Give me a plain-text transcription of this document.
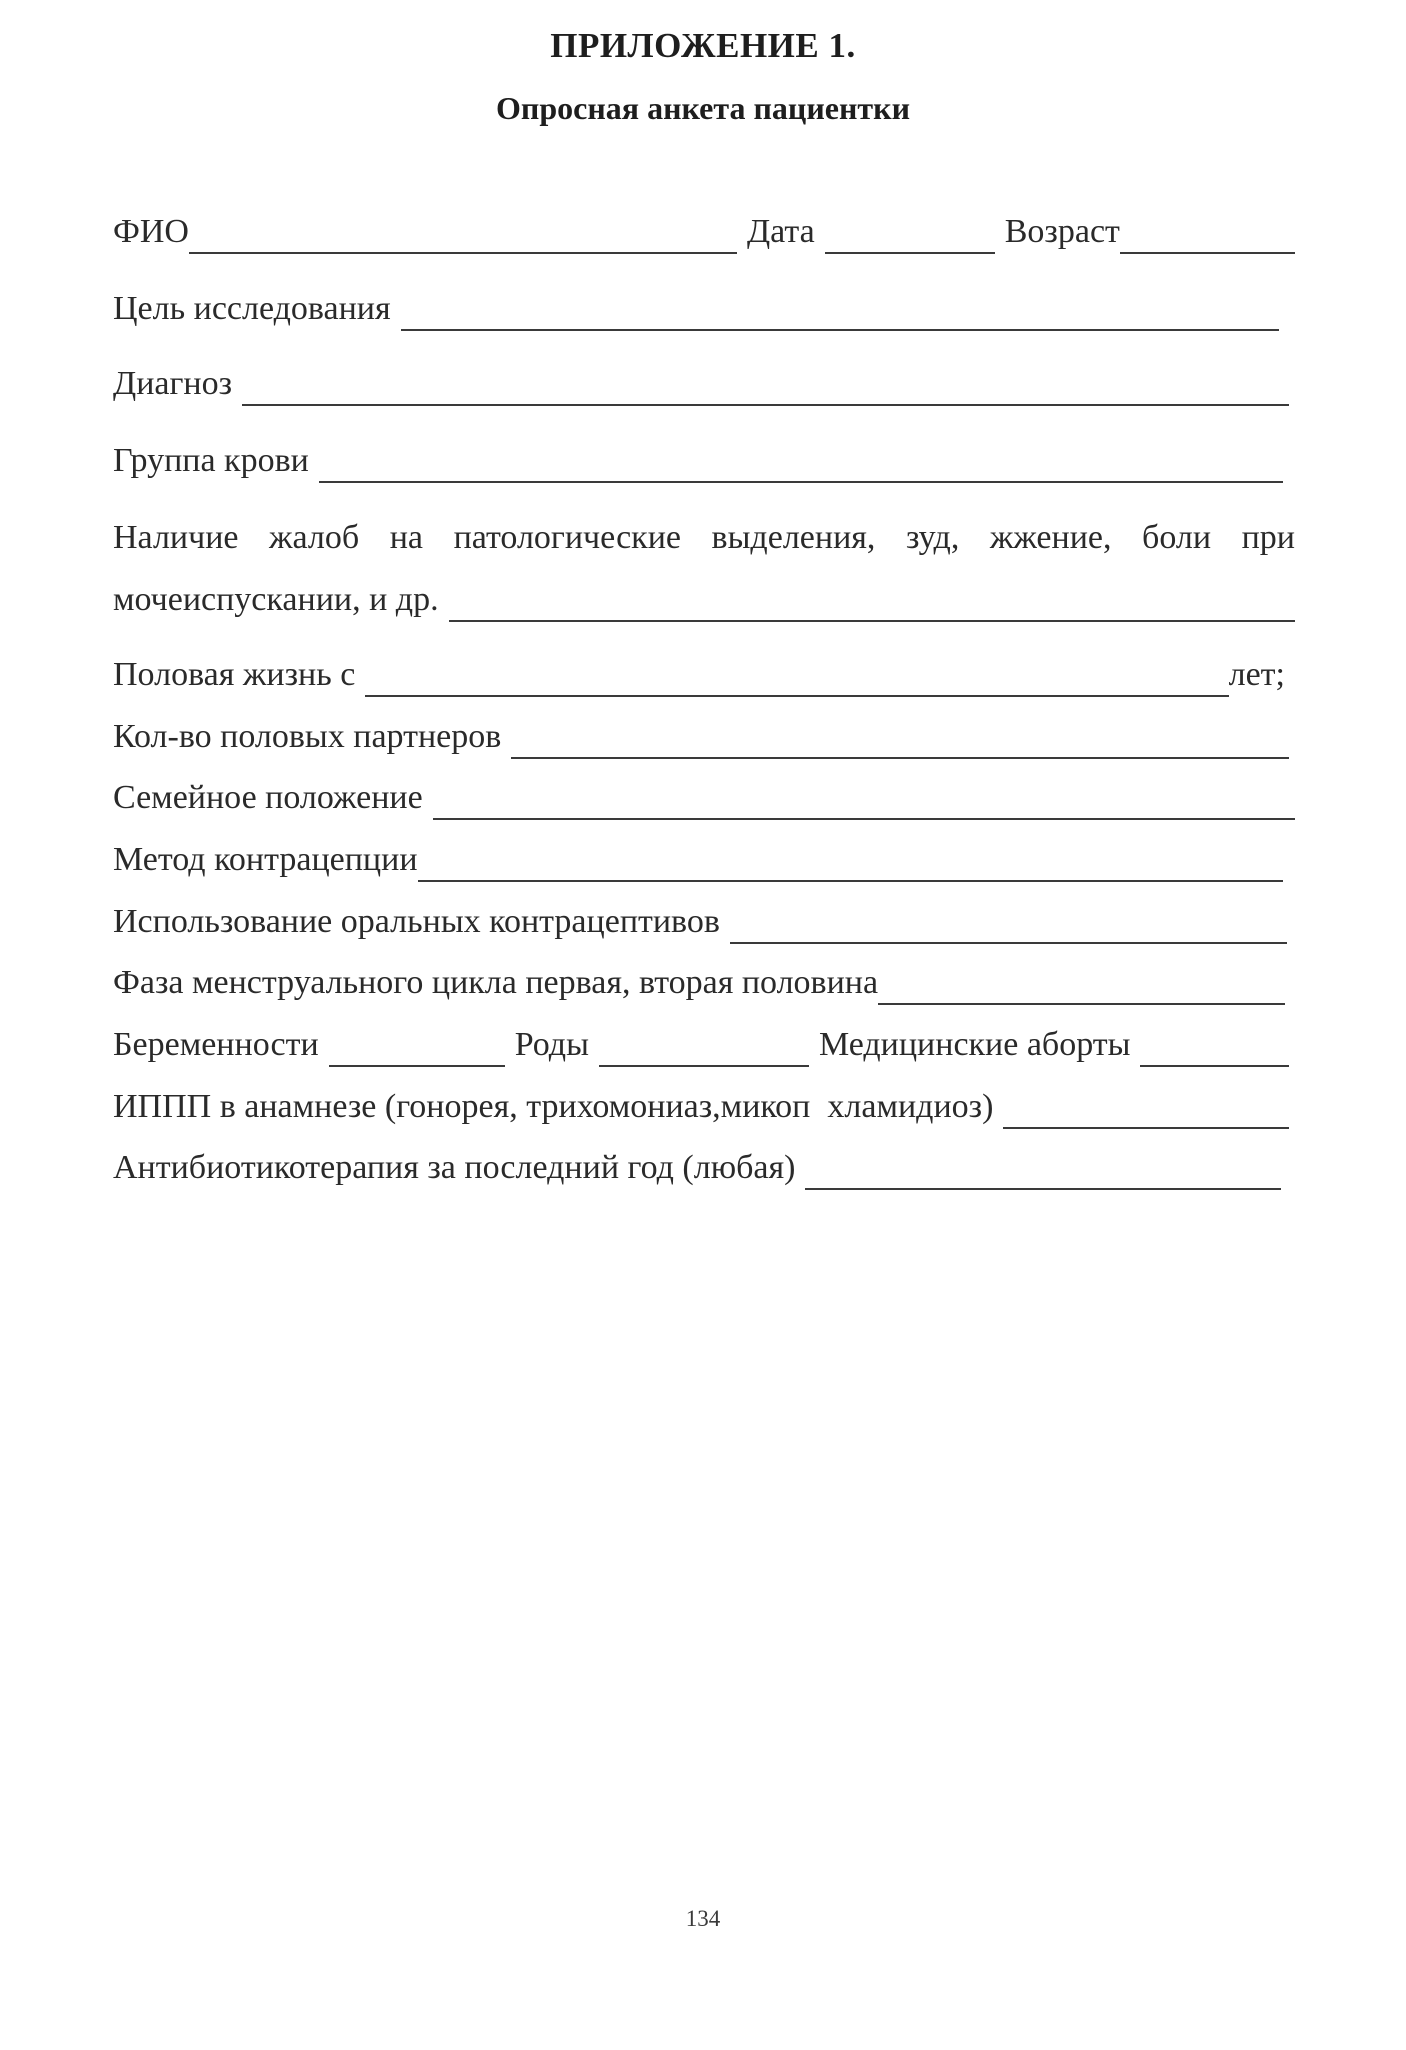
ПРИЛОЖЕНИЕ 1.
Опросная анкета пациентки
ФИО	Дата	Возраст
Цель исследования
Диагноз
Группа крови
Наличие жалоб на патологические выделения, зуд, жжение, боли при
мочеиспускании, и др.
Половая жизнь с	лет;
Кол-во половых партнеров
Семейное положение
Метод контрацепции
Использование оральных контрацептивов
Фаза менструального цикла первая, вторая половина
Беременности	Роды	Медицинские аборты
ИППП в анамнезе (гонорея, трихомониаз,микоп  хламидиоз)
Антибиотикотерапия за последний год (любая)
134
